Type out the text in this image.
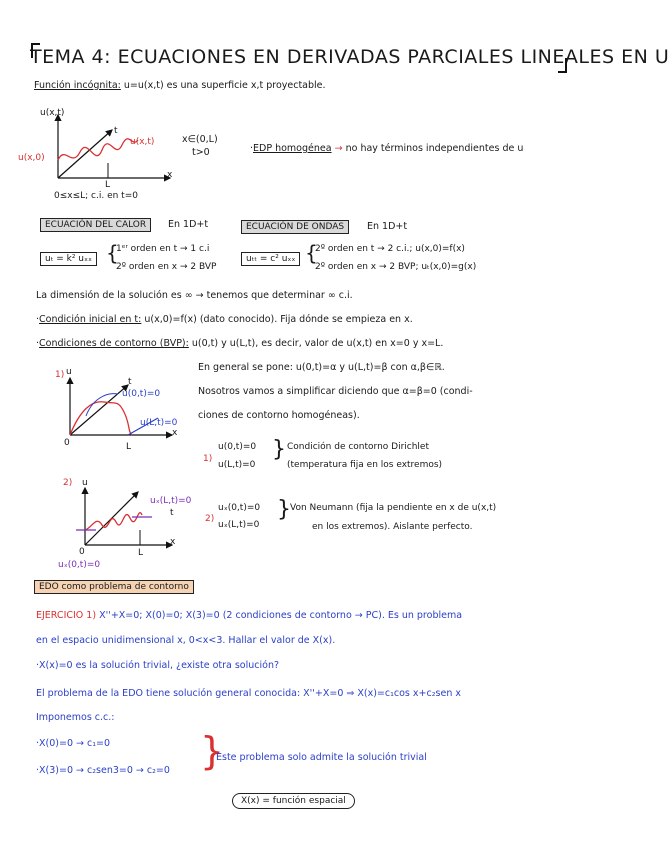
TEMA 4: ECUACIONES EN DERIVADAS PARCIALES LINEALES EN U
Función incógnita: u=u(x,t) es una superficie x,t proyectable.
u(x,t)
t
x
u(x,t)
u(x,0)
L
0≤x≤L; c.i. en t=0
x∈(0,L)
t>0	·EDP homogénea → no hay términos independientes de u
ECUACIÓN DEL CALOR	En 1D+t
uₜ = k² uₓₓ {
1ᵉʳ orden en t → 1 c.i
2º orden en x → 2 BVP
ECUACIÓN DE ONDAS	En 1D+t
uₜₜ = c² uₓₓ {
2º orden en t → 2 c.i.; u(x,0)=f(x)
2º orden en x → 2 BVP; uₜ(x,0)=g(x)
La dimensión de la solución es ∞ → tenemos que determinar ∞ c.i.
·Condición inicial en t: u(x,0)=f(x) (dato conocido). Fija dónde se empieza en x.
·Condiciones de contorno (BVP): u(0,t) y u(L,t), es decir, valor de u(x,t) en x=0 y x=L.
1) u
t
x
0	L
u(0,t)=0
u(L,t)=0
En general se pone: u(0,t)=α y u(L,t)=β con α,β∈ℝ.
Nosotros vamos a simplificar diciendo que α=β=0 (condi-
ciones de contorno homogéneas).
1)
u(0,t)=0
u(L,t)=0
} Condición de contorno Dirichlet
(temperatura fija en los extremos)
2) u
t
x
0	L
uₓ(L,t)=0
uₓ(0,t)=0
2)
uₓ(0,t)=0
uₓ(L,t)=0
} Von Neumann (fija la pendiente en x de u(x,t)
en los extremos). Aislante perfecto.
EDO como problema de contorno
EJERCICIO 1) X''+X=0; X(0)=0; X(3)=0 (2 condiciones de contorno → PC). Es un problema
en el espacio unidimensional x, 0<x<3. Hallar el valor de X(x).
·X(x)=0 es la solución trivial, ¿existe otra solución?
El problema de la EDO tiene solución general conocida: X''+X=0 ⇒ X(x)=c₁cos x+c₂sen x
Imponemos c.c.:
·X(0)=0 → c₁=0
·X(3)=0 → c₂sen3=0 → c₂=0 }
Este problema solo admite la solución trivial
X(x) = función espacial
